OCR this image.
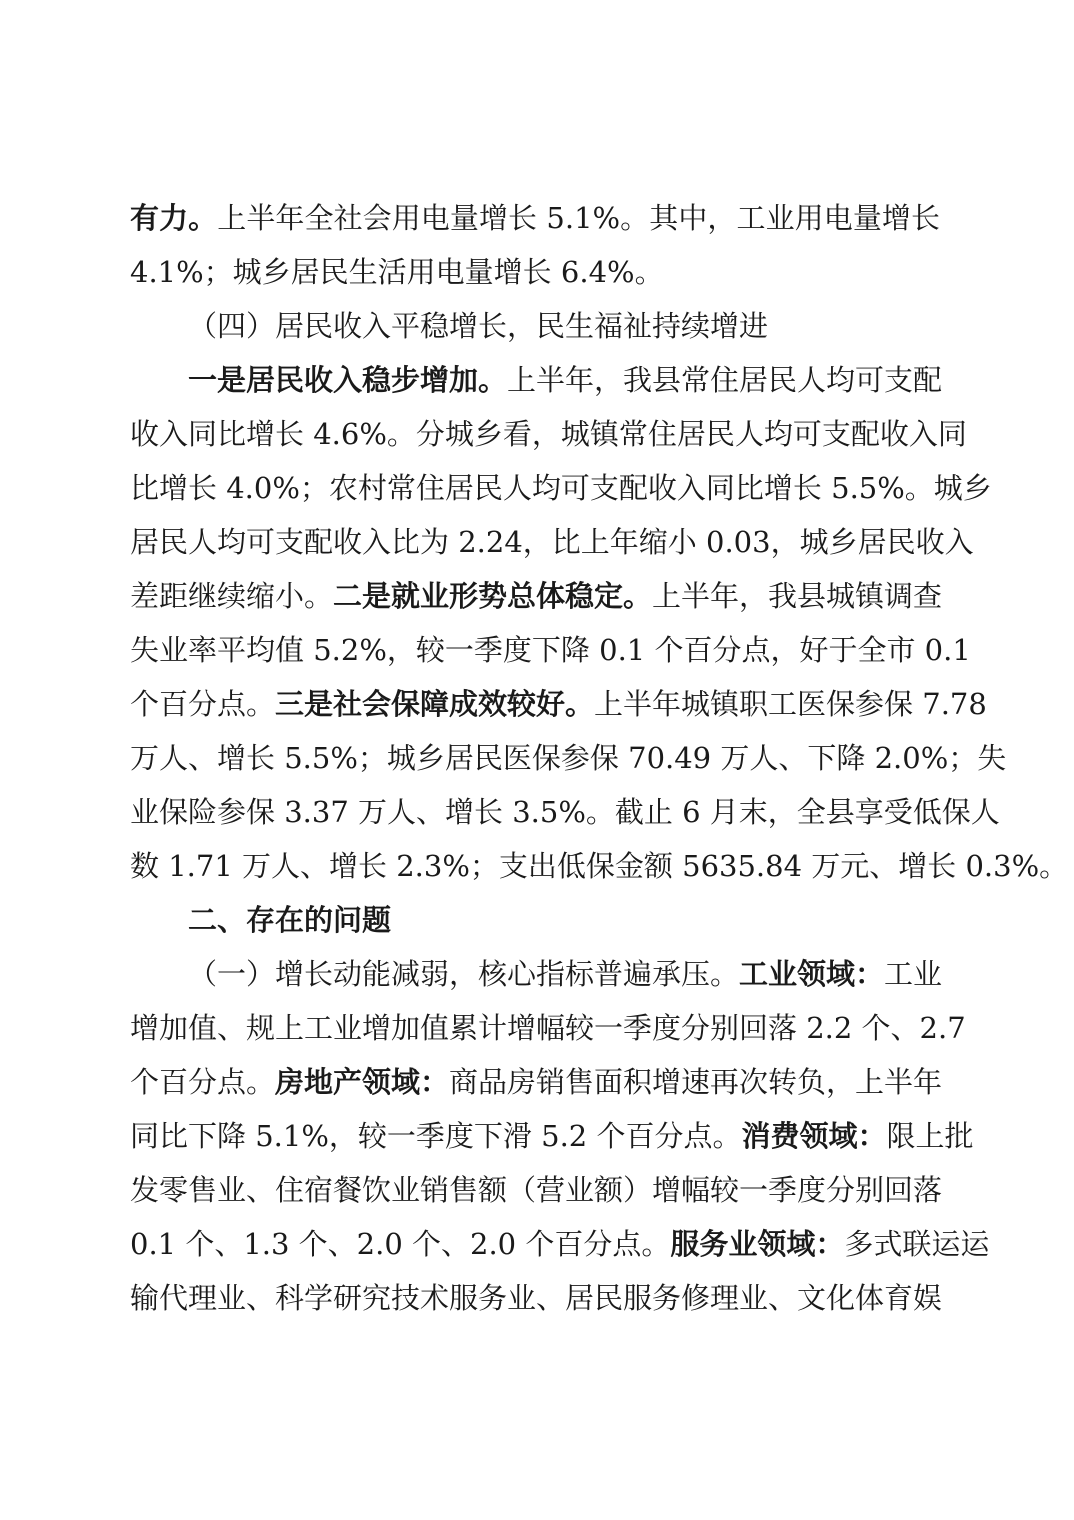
有力。上半年全社会用电量增长 5.1%。其中，工业用电量增长
4.1%；城乡居民生活用电量增长 6.4%。
（四）居民收入平稳增长，民生福祉持续增进
一是居民收入稳步增加。上半年，我县常住居民人均可支配
收入同比增长 4.6%。分城乡看，城镇常住居民人均可支配收入同
比增长 4.0%；农村常住居民人均可支配收入同比增长 5.5%。城乡
居民人均可支配收入比为 2.24，比上年缩小 0.03，城乡居民收入
差距继续缩小。二是就业形势总体稳定。上半年，我县城镇调查
失业率平均值 5.2%，较一季度下降 0.1 个百分点，好于全市 0.1
个百分点。三是社会保障成效较好。上半年城镇职工医保参保 7.78
万人、增长 5.5%；城乡居民医保参保 70.49 万人、下降 2.0%；失
业保险参保 3.37 万人、增长 3.5%。截止 6 月末，全县享受低保人
数 1.71 万人、增长 2.3%；支出低保金额 5635.84 万元、增长 0.3%。
二、存在的问题
（一）增长动能减弱，核心指标普遍承压。工业领域：工业
增加值、规上工业增加值累计增幅较一季度分别回落 2.2 个、2.7
个百分点。房地产领域：商品房销售面积增速再次转负，上半年
同比下降 5.1%，较一季度下滑 5.2 个百分点。消费领域：限上批
发零售业、住宿餐饮业销售额（营业额）增幅较一季度分别回落
0.1 个、1.3 个、2.0 个、2.0 个百分点。服务业领域：多式联运运
输代理业、科学研究技术服务业、居民服务修理业、文化体育娱
